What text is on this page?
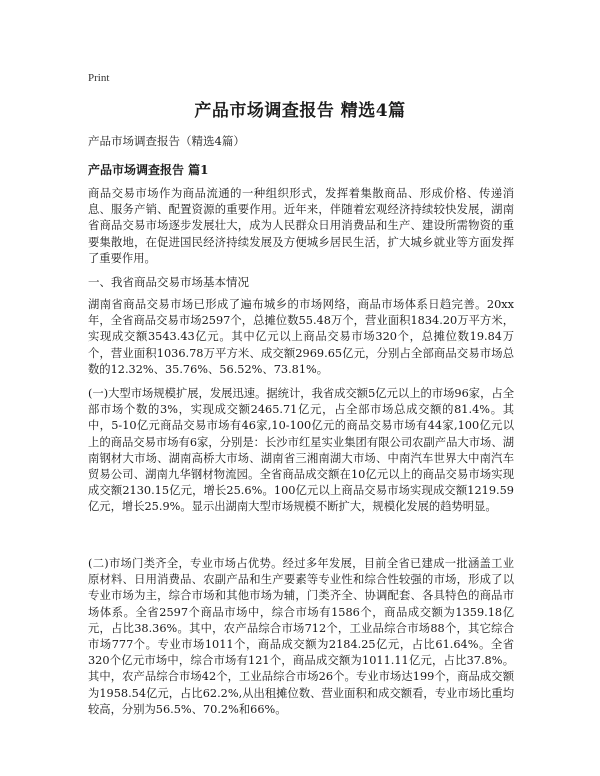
Print
产品市场调查报告 精选4篇
产品市场调查报告（精选4篇）
产品市场调查报告 篇1

商品交易市场作为商品流通的一种组织形式，发挥着集散商品、形成价格、传递消息、服务产销、配置资源的重要作用。近年来，伴随着宏观经济持续较快发展，湖南省商品交易市场逐步发展壮大，成为人民群众日用消费品和生产、建设所需物资的重要集散地，在促进国民经济持续发展及方便城乡居民生活，扩大城乡就业等方面发挥了重要作用。

一、我省商品交易市场基本情况

湖南省商品交易市场已形成了遍布城乡的市场网络，商品市场体系日趋完善。20xx年，全省商品交易市场2597个，总摊位数55.48万个，营业面积1834.20万平方米，实现成交额3543.43亿元。其中亿元以上商品交易市场320个，总摊位数19.84万个，营业面积1036.78万平方米、成交额2969.65亿元，分别占全部商品交易市场总数的12.32%、35.76%、56.52%、73.81%。

(一)大型市场规模扩展，发展迅速。据统计，我省成交额5亿元以上的市场96家，占全部市场个数的3%，实现成交额2465.71亿元，占全部市场总成交额的81.4%。其中，5-10亿元商品交易市场有46家,10-100亿元的商品交易市场有44家,100亿元以上的商品交易市场有6家，分别是：长沙市红星实业集团有限公司农副产品大市场、湖南钢材大市场、湖南高桥大市场、湖南省三湘南湖大市场、中南汽车世界大中南汽车贸易公司、湖南九华钢材物流园。全省商品成交额在10亿元以上的商品交易市场实现成交额2130.15亿元，增长25.6%。100亿元以上商品交易市场实现成交额1219.59亿元，增长25.9%。显示出湖南大型市场规模不断扩大，规模化发展的趋势明显。

(二)市场门类齐全，专业市场占优势。经过多年发展，目前全省已建成一批涵盖工业原材料、日用消费品、农副产品和生产要素等专业性和综合性较强的市场，形成了以专业市场为主，综合市场和其他市场为辅，门类齐全、协调配套、各具特色的商品市场体系。全省2597个商品市场中，综合市场有1586个，商品成交额为1359.18亿元，占比38.36%。其中，农产品综合市场712个，工业品综合市场88个，其它综合市场777个。专业市场1011个，商品成交额为2184.25亿元，占比61.64%。全省320个亿元市场中，综合市场有121个，商品成交额为1011.11亿元，占比37.8%。其中，农产品综合市场42个，工业品综合市场26个。专业市场达199个，商品成交额为1958.54亿元，占比62.2%,从出租摊位数、营业面积和成交额看，专业市场比重均较高，分别为56.5%、70.2%和66%。
